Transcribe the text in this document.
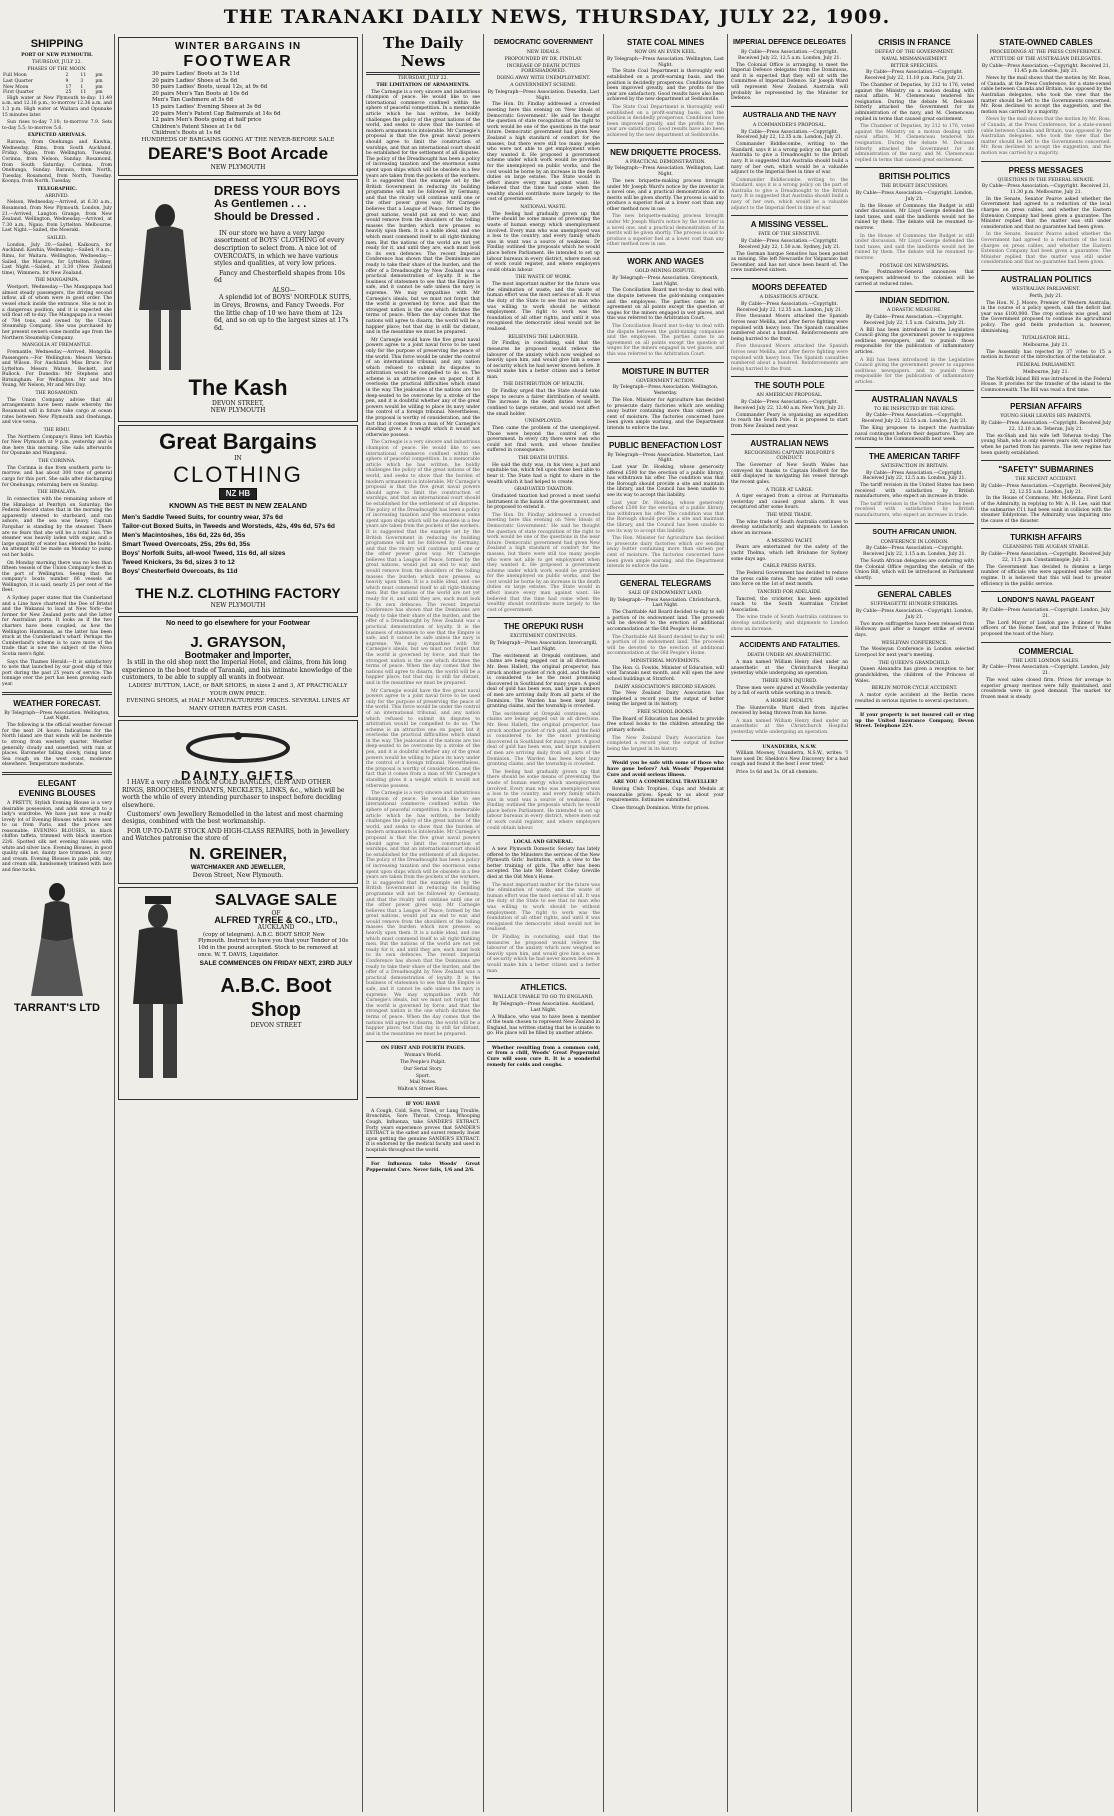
THE TARANAKI DAILY NEWS, THURSDAY, JULY 22, 1909.
SHIPPING
PORT OF NEW PLYMOUTH.
THURSDAY, JULY 22.
PHASES OF THE MOON.
Full Moon	2	11	pm
Last Quarter	9	3	pm
New Moon	17	1	pm
First Quarter	25	11	pm

High water at New Plymouth to-day: 11.49 a.m. and 12.16 p.m.; to-morrow 12.36 a.m. and 1.3 p.m. High water at Waitara and Opunake 15 minutes later.

Sun rises to-day 7.10; to-morrow 7.9. Sets to-day 5.5; to-morrow 5.6.

EXPECTED ARRIVALS.

Rarawa, from Onehunga and Kawhia, Wednesday. Rimu, from South Auckland, Friday. Ngaio, from Wellington, Tuesday. Corinna, from Nelson, Sunday. Rosamond, from South Saturday. Corinna, from Onehunga, Sunday. Rarawa, from North, Tuesday. Rosamond, from North, Tuesday. Koonya, from North, Tuesday.

TELEGRAPHIC.
ARRIVED.

Nelson, Wednesday.—Arrived, at 6.30 a.m., Rosamond, from New Plymouth. London, July 21.—Arrived, Langton Grange, from New Zealand. Wellington, Wednesday.—Arrived, at 7.30 a.m., Ngaio, from Lyttelton. Melbourne, Last Night.—Sailed, the Moeraki.

SAILED.

London, July 20.—Sailed, Kaikoura, for Auckland. Kawhia, Wednesday.—Sailed, 9 a.m., Rimu, for Waitara. Wellington, Wednesday.—Sailed, the Mararoa, for Lyttelton. Sydney, Last Night.—Sailed, at 3.30 (New Zealand time), Wimmera, for New Zealand.

THE MANGAPAPA.

Westport, Wednesday.—The Mangapapa had almost steady passengers, the driving second inflow, all of whom were in good order. The vessel stuck inside the entrance. She is not in a dangerous position, and it is expected she will float off to-day. The Mangapapa is a vessel of 784 tons, and owned by the Union Steamship Company. She was purchased by her present owners some months ago from the Northern Steamship Company.

MANGOLIA AT FREMANTLE.

Fremantle, Wednesday.—Arrived, Mongolia. Passengers.—For Wellington: Messrs Vernon and Wilson. For Auckland: Miss Bruce. For Lyttelton: Messrs Watson, Beckett, and Bullock. For Dunedin: Mr Stephens and Birmingham. For Wellington: Mr and Mrs Young, Mr Nelson, Mr and Mrs Day.

THE ROSAMOND.

The Union Company advise that all arrangements have been made whereby the Rosamond will in future take cargo at ocean rates between New Plymouth and Onehunga, and vice versa.

THE RIMU.

The Northern Company's Rimu left Kawhia for New Plymouth at 9 p.m. yesterday and is due here this morning. She sails afterwards for Opunake and Wanganui.

THE CORINNA.

The Corinna is due from southern ports to-morrow, and has about 300 tons of general cargo for this port. She sails after discharging for Onehunga, returning here on Sunday.

THE HIMALAYA.

In connection with the remaining ashore of the Himalaya at Penrhyn on Saturday, the Federal Record states that in the morning the apparently steered to starboard, and ran ashore, and the sea was heavy. Captain Farquhar is standing by the steamer. There are no fears that she will be a total loss. The steamer was heavily laden with sugar, and a large quantity of water has entered the holds. An attempt will be made on Monday to pump out her holds.

On Monday morning there was no less than fifteen vessels of the Union Company's fleet in the port of Wellington. Seeing that the company's boats number 66 vessels at Wellington, it is said, nearly 25 per cent of the fleet.

A Sydney paper states that the Cumberland and a Line have chartered the Dee of Bristol and the Wakanui to load at New York—the former for New Zealand ports and the latter for Australian ports. It looks as if the two charters have been coupled, as how the Wellington Huntsman, as the latter has been stuck at the Cumberland's wharf. Perhaps the Cumberland's scheme is to save more of the trade that is now the subject of the Nova Scotia men's fight.

Says the Thames Herald:—It is satisfactory to note that launched by our good ship of this port during the past 25 years of service. The tonnage over the port has been growing each year.

WEATHER FORECAST.
By Telegraph—Press Association. Wellington, Last Night.

The following is the official weather forecast for the next 24 hours: Indications for the North Island are that winds will be moderate to strong from westerly quarter. Weather generally cloudy and unsettled, with rain at places. Barometer falling slowly, rising later. Sea rough on the west coast, moderate elsewhere. Temperature moderate.

ELEGANT
EVENING BLOUSES

A PRETTY, Stylish Evening Blouse is a very desirable possession, and adds strength to a lady's wardrobe. We have just now a really lovely lot of Evening Blouses which were sent to us from Paris, and the prices are reasonable. EVENING BLOUSES, in black chiffon taffeta, trimmed with black insertion 22/6. Spotted silk net evening blouses with white and silver lace. Evening Blouses, in good quality silk net, dainty lace trimmed, in ivory and cream. Evening Blouses in pale pink, sky, and cream silk, handsomely trimmed with lace and fine tucks.

TARRANT'S LTD
WINTER BARGAINS IN
FOOTWEAR
30 pairs Ladies' Boots at 3s 11d
20 pairs Ladies' Shoes at 3s 6d
50 pairs Ladies' Boots, usual 12s, at 9s 6d
20 pairs Men's Tan Boots at 10s 6d
Men's Tan Cashmere at 3s 6d
15 pairs Ladies' Evening Shoes at 3s 6d
20 pairs Men's Patent Cap Balmorals at 14s 6d
12 pairs Men's Boots going at half price
Children's Patent Shoes at 1s 6d
Children's Boots at 1s 6d
HUNDREDS OF BARGAINS GOING AT THE NEVER-BEFORE SALE
DEARE'S Boot Arcade
NEW PLYMOUTH
DRESS YOUR BOYS
As Gentlemen . . .
Should be Dressed .

IN our store we have a very large assortment of BOYS' CLOTHING of every description to select from. A nice lot of OVERCOATS, in which we have various styles and qualities, at very low prices.

Fancy and Chesterfield shapes from 10s 6d

ALSO—

A splendid lot of BOYS' NORFOLK SUITS, in Greys, Browns, and Fancy Tweeds. For the little chap of 10 we have them at 12s 6d, and so on up to the largest sizes at 17s 6d.

The Kash
DEVON STREET,
NEW PLYMOUTH
Great Bargains
IN
CLOTHING
NZ HB
KNOWN AS THE BEST IN NEW ZEALAND
Men's Saddle Tweed Suits, for country wear, 37s 6d
Tailor-cut Boxed Suits, in Tweeds and Worsteds, 42s, 49s 6d, 57s 6d
Men's Macintoshes, 16s 6d, 22s 6d, 35s
Smart Tweed Overcoats, 25s, 29s 6d, 35s
Boys' Norfolk Suits, all-wool Tweed, 11s 6d, all sizes
Tweed Knickers, 3s 6d, sizes 3 to 12
Boys' Chesterfield Overcoats, 8s 11d
THE N.Z. CLOTHING FACTORY
NEW PLYMOUTH
No need to go elsewhere for your Footwear
J. GRAYSON,
Bootmaker and Importer,

Is still in the old shop next the Imperial Hotel, and claims, from his long experience in the boot trade of Taranaki, and his intimate knowledge of the customers, to be able to supply all wants in footwear.

LADIES' BUTTON, LACE, or BAR SHOES, in sizes 2 and 3, AT PRACTICALLY YOUR OWN PRICE.
EVENING SHOES, at HALF MANUFACTURERS' PRICES. SEVERAL LINES AT MANY OTHER RATES FOR CASH.
DAINTY GIFTS

I HAVE a very choice stock of GOLD BANGLES, GEM AND OTHER RINGS, BROOCHES, PENDANTS, NECKLETS, LINKS, &c., which will be worth the while of every intending purchaser to inspect before deciding elsewhere.

Customers' own Jewellery Remodelled in the latest and most charming designs, combined with the best workmanship.

FOR UP-TO-DATE STOCK AND HIGH-CLASS REPAIRS, both in Jewellery and Watches patronise the store of

N. GREINER,
WATCHMAKER AND JEWELLER,
Devon Street, New Plymouth.
SALVAGE SALE
OF
ALFRED TYREE & CO., LTD.,
AUCKLAND

(copy of telegram). A.B.C. BOOT SHOP, New Plymouth. Instruct to have you that your Tender of 10s 10d in the pound accepted. Stock to be removed at once. W. T. DAVIS, Liquidator.

SALE COMMENCES ON FRIDAY NEXT, 23RD JULY
A.B.C. Boot Shop
DEVON STREET
The Daily News
THURSDAY, JULY 22.
THE LIMITATION OF ARMAMENTS.

The Carnegie is a very sincere and industrious champion of peace. He would like to see international commerce confined within the sphere of peaceful competition. In a memorable article which he has written, he boldly challenges the policy of the great nations of the world, and seeks to show that the burden of modern armaments is intolerable. Mr Carnegie's proposal is that the five great naval powers should agree to limit the construction of warships, and that an international court should be established for the settlement of all disputes. The policy of the Dreadnought has been a policy of increasing taxation and the enormous sums spent upon ships which will be obsolete in a few years are taken from the pockets of the workers. It is suggested that the example set by the British Government in reducing its building programme will not be followed by Germany, and that the rivalry will continue until one or the other power gives way. Mr Carnegie believes that a League of Peace, formed by the great nations, would put an end to war, and would remove from the shoulders of the toiling masses the burden which now presses so heavily upon them. It is a noble ideal, and one which must commend itself to all right-thinking men. But the nations of the world are not yet ready for it, and until they are, each must look to its own defences. The recent Imperial Conference has shown that the Dominions are ready to take their share of the burden, and the offer of a Dreadnought by New Zealand was a practical demonstration of loyalty. It is the business of statesmen to see that the Empire is safe, and it cannot be safe unless the navy is supreme. We may sympathise with Mr Carnegie's ideals, but we must not forget that the world is governed by force, and that the strongest nation is the one which dictates the terms of peace. When the day comes that the nations will agree to disarm, the world will be a happier place; but that day is still far distant, and in the meantime we must be prepared.

Mr Carnegie would have the five great naval powers agree to a joint naval force to be used only for the purpose of preserving the peace of the world. This force would be under the control of an international tribunal, and any nation which refused to submit its disputes to arbitration would be compelled to do so. The scheme is an attractive one on paper, but it overlooks the practical difficulties which stand in the way. The jealousies of the nations are too deep-seated to be overcome by a stroke of the pen, and it is doubtful whether any of the great powers would be willing to place its navy under the control of a foreign tribunal. Nevertheless, the proposal is worthy of consideration, and the fact that it comes from a man of Mr Carnegie's standing gives it a weight which it would not otherwise possess.

The Carnegie is a very sincere and industrious champion of peace. He would like to see international commerce confined within the sphere of peaceful competition. In a memorable article which he has written, he boldly challenges the policy of the great nations of the world, and seeks to show that the burden of modern armaments is intolerable. Mr Carnegie's proposal is that the five great naval powers should agree to limit the construction of warships, and that an international court should be established for the settlement of all disputes. The policy of the Dreadnought has been a policy of increasing taxation and the enormous sums spent upon ships which will be obsolete in a few years are taken from the pockets of the workers. It is suggested that the example set by the British Government in reducing its building programme will not be followed by Germany, and that the rivalry will continue until one or the other power gives way. Mr Carnegie believes that a League of Peace, formed by the great nations, would put an end to war, and would remove from the shoulders of the toiling masses the burden which now presses so heavily upon them. It is a noble ideal, and one which must commend itself to all right-thinking men. But the nations of the world are not yet ready for it, and until they are, each must look to its own defences. The recent Imperial Conference has shown that the Dominions are ready to take their share of the burden, and the offer of a Dreadnought by New Zealand was a practical demonstration of loyalty. It is the business of statesmen to see that the Empire is safe, and it cannot be safe unless the navy is supreme. We may sympathise with Mr Carnegie's ideals, but we must not forget that the world is governed by force, and that the strongest nation is the one which dictates the terms of peace. When the day comes that the nations will agree to disarm, the world will be a happier place; but that day is still far distant, and in the meantime we must be prepared.

Mr Carnegie would have the five great naval powers agree to a joint naval force to be used only for the purpose of preserving the peace of the world. This force would be under the control of an international tribunal, and any nation which refused to submit its disputes to arbitration would be compelled to do so. The scheme is an attractive one on paper, but it overlooks the practical difficulties which stand in the way. The jealousies of the nations are too deep-seated to be overcome by a stroke of the pen, and it is doubtful whether any of the great powers would be willing to place its navy under the control of a foreign tribunal. Nevertheless, the proposal is worthy of consideration, and the fact that it comes from a man of Mr Carnegie's standing gives it a weight which it would not otherwise possess.

The Carnegie is a very sincere and industrious champion of peace. He would like to see international commerce confined within the sphere of peaceful competition. In a memorable article which he has written, he boldly challenges the policy of the great nations of the world, and seeks to show that the burden of modern armaments is intolerable. Mr Carnegie's proposal is that the five great naval powers should agree to limit the construction of warships, and that an international court should be established for the settlement of all disputes. The policy of the Dreadnought has been a policy of increasing taxation and the enormous sums spent upon ships which will be obsolete in a few years are taken from the pockets of the workers. It is suggested that the example set by the British Government in reducing its building programme will not be followed by Germany, and that the rivalry will continue until one or the other power gives way. Mr Carnegie believes that a League of Peace, formed by the great nations, would put an end to war, and would remove from the shoulders of the toiling masses the burden which now presses so heavily upon them. It is a noble ideal, and one which must commend itself to all right-thinking men. But the nations of the world are not yet ready for it, and until they are, each must look to its own defences. The recent Imperial Conference has shown that the Dominions are ready to take their share of the burden, and the offer of a Dreadnought by New Zealand was a practical demonstration of loyalty. It is the business of statesmen to see that the Empire is safe, and it cannot be safe unless the navy is supreme. We may sympathise with Mr Carnegie's ideals, but we must not forget that the world is governed by force, and that the strongest nation is the one which dictates the terms of peace. When the day comes that the nations will agree to disarm, the world will be a happier place; but that day is still far distant, and in the meantime we must be prepared.

ON FIRST AND FOURTH PAGES.
Woman's World.
The People's Pulpit.
Our Serial Story.
Sport.
Mail Notes.
Walton's Street Rises.
IF YOU HAVE

A Cough, Cold, Sore, Tired, or Lung Trouble, Bronchitis, Sore Throat, Croup, Whooping Cough, Influenza, take SANDER'S EXTRACT. Forty years experience proves that SANDER'S EXTRACT is the safest and surest remedy. Insist upon getting the genuine SANDER'S EXTRACT. It is endorsed by the medical faculty and used in hospitals throughout the world.

For Influenza take Woods' Great Peppermint Cure. Never fails, 1/6 and 2/6.

DEMOCRATIC GOVERNMENT
NEW IDEALS.
PROPOUNDED BY DR. FINDLAY.
INCREASE OF DEATH DUTIES FORESHADOWED.
DOING AWAY WITH UNEMPLOYMENT.
A GOVERNMENT SCHEME.
By Telegraph—Press Association. Dunedin, Last Night.

The Hon. Dr. Findlay addressed a crowded meeting here this evening on 'New Ideals of Democratic Government.' He said he thought the question of state recognition of the right to work would be one of the questions in the near future. Democratic government had given New Zealand a high standard of comfort for the masses, but there were still too many people who were not able to get employment when they wanted it. He proposed a government scheme under which work would be provided for the unemployed on public works, and the cost would be borne by an increase in the death duties on large estates. The State would in effect insure every man against want. He believed that the time had come when the wealthy should contribute more largely to the cost of government.

NATIONAL WASTE.

The feeling had gradually grown up that there should be some means of preventing the waste of human energy which unemployment involved. Every man who was unemployed was a loss to the country, and every family which was in want was a source of weakness. Dr Findlay outlined the proposals which he would place before Parliament. He intended to set up labour bureaux in every district, where men out of work could register, and where employers could obtain labour.

THE WASTE OF WORK.

The most important matter for the future was the elimination of waste, and the waste of human effort was the most serious of all. It was the duty of the State to see that no man who was willing to work should be without employment. The right to work was the foundation of all other rights, and until it was recognised the democratic ideal would not be realised.

RELIEVING THE LABOURER.

Dr Findlay, in concluding, said that the measures he proposed would relieve the labourer of the anxiety which now weighed so heavily upon him, and would give him a sense of security which he had never known before. It would make him a better citizen and a better man.

THE DISTRIBUTION OF WEALTH.

Dr Findlay urged that the State should take steps to secure a fairer distribution of wealth. The increase in the death duties would be confined to large estates, and would not affect the small holder.

UNEMPLOYED.

Then came the problem of the unemployed. Those were beyond the control of the government. In every city there were men who could not find work, and whose families suffered in consequence.

THE DEATH DUTIES.

He said the duty was, in his view, a just and equitable tax, which fell upon those best able to bear it. The State had a right to share in the wealth which it had helped to create.

GRADUATED TAXATION.

Graduated taxation had proved a most useful instrument in the hands of the government, and he proposed to extend it.

The Hon. Dr. Findlay addressed a crowded meeting here this evening on 'New Ideals of Democratic Government.' He said he thought the question of state recognition of the right to work would be one of the questions in the near future. Democratic government had given New Zealand a high standard of comfort for the masses, but there were still too many people who were not able to get employment when they wanted it. He proposed a government scheme under which work would be provided for the unemployed on public works, and the cost would be borne by an increase in the death duties on large estates. The State would in effect insure every man against want. He believed that the time had come when the wealthy should contribute more largely to the cost of government.

THE OREPUKI RUSH
EXCITEMENT CONTINUES.
By Telegraph—Press Association. Invercargill, Last Night.

The excitement at Orepuki continues, and claims are being pegged out in all directions. Mr. Bess Hallett, the original prospector, has struck another pocket of rich gold, and the field is considered to be the most promising discovered in Southland for many years. A good deal of gold has been won, and large numbers of men are arriving daily from all parts of the Dominion. The Warden has been kept busy granting claims, and the township is crowded.

The excitement at Orepuki continues, and claims are being pegged out in all directions. Mr. Bess Hallett, the original prospector, has struck another pocket of rich gold, and the field is considered to be the most promising discovered in Southland for many years. A good deal of gold has been won, and large numbers of men are arriving daily from all parts of the Dominion. The Warden has been kept busy granting claims, and the township is crowded.

The feeling had gradually grown up that there should be some means of preventing the waste of human energy which unemployment involved. Every man who was unemployed was a loss to the country, and every family which was in want was a source of weakness. Dr Findlay outlined the proposals which he would place before Parliament. He intended to set up labour bureaux in every district, where men out of work could register, and where employers could obtain labour.

LOCAL AND GENERAL.

A new Plymouth Domestic Society has lately offered to the Ministers the services of the New Plymouth Girls' Institution, with a view to the better training of girls. The offer has been accepted. The late Mr. Robert Colley Greville died at the Old Men's Home.

The most important matter for the future was the elimination of waste, and the waste of human effort was the most serious of all. It was the duty of the State to see that no man who was willing to work should be without employment. The right to work was the foundation of all other rights, and until it was recognised the democratic ideal would not be realised.

Dr Findlay, in concluding, said that the measures he proposed would relieve the labourer of the anxiety which now weighed so heavily upon him, and would give him a sense of security which he had never known before. It would make him a better citizen and a better man.

ATHLETICS.
WALLACE UNABLE TO GO TO ENGLAND.
By Telegraph—Press Association. Auckland, Last Night.

A Wallace, who was to have been a member of the team chosen to represent New Zealand in England, has written stating that he is unable to go. His place will be filled by another athlete.

Whether resulting from a common cold, or from a chill, Woods' Great Peppermint Cure will soon cure it. It is a wonderful remedy for colds and coughs.

STATE COAL MINES
NOW ON AN EVEN KEEL.
By Telegraph—Press Association. Wellington, Last Night.

The State Coal Department is thoroughly well established on a profit-earning basis, and the position is decidedly prosperous. Conditions have been improved greatly, and the profits for the year are satisfactory. Good results have also been achieved by the new department at Seddonville.

The State Coal Department is thoroughly well established on a profit-earning basis, and the position is decidedly prosperous. Conditions have been improved greatly, and the profits for the year are satisfactory. Good results have also been achieved by the new department at Seddonville.

NEW DRIQUETTE PROCESS.
A PRACTICAL DEMONSTRATION.
By Telegraph—Press Association. Wellington, Last Night.

The new briquette-making process brought under Mr Joseph Ward's notice by the inventor is a novel one, and a practical demonstration of its merits will be given shortly. The process is said to produce a superior fuel at a lower cost than any other method now in use.

The new briquette-making process brought under Mr Joseph Ward's notice by the inventor is a novel one, and a practical demonstration of its merits will be given shortly. The process is said to produce a superior fuel at a lower cost than any other method now in use.

WORK AND WAGES
GOLD-MINING DISPUTE.
By Telegraph—Press Association. Greymouth, Last Night.

The Conciliation Board met to-day to deal with the dispute between the gold-mining companies and the employees. The parties came to an agreement on all points except the question of wages for the miners engaged in wet places, and this was referred to the Arbitration Court.

The Conciliation Board met to-day to deal with the dispute between the gold-mining companies and the employees. The parties came to an agreement on all points except the question of wages for the miners engaged in wet places, and this was referred to the Arbitration Court.

MOISTURE IN BUTTER
GOVERNMENT ACTION.
By Telegraph—Press Association. Wellington, Yesterday.

The Hon. Minister for Agriculture has decided to prosecute dairy factories which are sending away butter containing more than sixteen per cent of moisture. The factories concerned have been given ample warning, and the Department intends to enforce the law.

PUBLIC BENEFACTION LOST
By Telegraph—Press Association. Masterton, Last Night.

Last year Dr. Hosking, whose generosity offered £500 for the erection of a public library, has withdrawn his offer. The condition was that the Borough should provide a site and maintain the library, and the Council has been unable to see its way to accept this liability.

Last year Dr. Hosking, whose generosity offered £500 for the erection of a public library, has withdrawn his offer. The condition was that the Borough should provide a site and maintain the library, and the Council has been unable to see its way to accept this liability.

The Hon. Minister for Agriculture has decided to prosecute dairy factories which are sending away butter containing more than sixteen per cent of moisture. The factories concerned have been given ample warning, and the Department intends to enforce the law.

GENERAL TELEGRAMS
SALE OF ENDOWMENT LAND.
By Telegraph—Press Association. Christchurch, Last Night.

The Charitable Aid Board decided to-day to sell a portion of its endowment land. The proceeds will be devoted to the erection of additional accommodation at the Old People's Home.

The Charitable Aid Board decided to-day to sell a portion of its endowment land. The proceeds will be devoted to the erection of additional accommodation at the Old People's Home.

MINISTERIAL MOVEMENTS.

The Hon. G. Fowlds, Minister of Education, will visit Taranaki next month, and will open the new school buildings at Stratford.

DAIRY ASSOCIATION'S RECORD SEASON.

The New Zealand Dairy Association has completed a record year, the output of butter being the largest in its history.

FREE SCHOOL BOOKS.

The Board of Education has decided to provide free school books to the children attending the primary schools.

The New Zealand Dairy Association has completed a record year, the output of butter being the largest in its history.

Would you be safe with some of those who have gone before? Ask Woods' Peppermint Cure and avoid serious illness.

ARE YOU A COMMERCIAL TRAVELLER?

Rowing Club Trophies, Cups and Medals at reasonable prices. Speak to us about your requirements. Estimates submitted.

Close through Dominion. Write for prices.

IMPERIAL DEFENCE DELEGATES
By Cable—Press Association.—Copyright. Received July 22, 12.5 a.m. London, July 21.

The Colonial Office is arranging to meet the Imperial Defence delegates from the Dominions, and it is expected that they will sit with the Committee of Imperial Defence. Sir Joseph Ward will represent New Zealand. Australia will probably be represented by the Minister for Defence.

AUSTRALIA AND THE NAVY
A COMMANDER'S PROPOSAL.
By Cable—Press Association.—Copyright. Received July 22, 12.35 a.m. London, July 21.

Commander Biddlecombe, writing to the Standard, says it is a wrong policy on the part of Australia to give a Dreadnought to the British navy. It is suggested that Australia should build a navy of her own, which would be a valuable adjunct to the Imperial fleet in time of war.

Commander Biddlecombe, writing to the Standard, says it is a wrong policy on the part of Australia to give a Dreadnought to the British navy. It is suggested that Australia should build a navy of her own, which would be a valuable adjunct to the Imperial fleet in time of war.

A MISSING VESSEL.
FATE OF THE SENSITIVE.
By Cable—Press Association.—Copyright. Received July 22, 1.50 a.m. Sydney, July 21.

The German barque Sensitive has been posted as missing. She left Newcastle for Valparaiso last December, and has not since been heard of. The crew numbered sixteen.

MOORS DEFEATED
A DISASTROUS ATTACK.
By Cable—Press Association.—Copyright. Received July 22, 12.35 a.m. London, July 21.

Five thousand Moors attacked the Spanish forces near Melilla, and after fierce fighting were repulsed with heavy loss. The Spanish casualties numbered about a hundred. Reinforcements are being hurried to the front.

Five thousand Moors attacked the Spanish forces near Melilla, and after fierce fighting were repulsed with heavy loss. The Spanish casualties numbered about a hundred. Reinforcements are being hurried to the front.

THE SOUTH POLE
AN AMERICAN PROPOSAL.
By Cable—Press Association.—Copyright. Received July 22, 12.40 a.m. New York, July 21.

Commander Peary is organising an expedition to reach the South Pole. It is proposed to start from New Zealand next year.

AUSTRALIAN NEWS
RECOGNISING CAPTAIN HOLFORD'S CONDUCT.

The Governor of New South Wales has conveyed his thanks to Captain Holford for the skill displayed in navigating his vessel through the recent gales.

A TIGER AT LARGE.

A tiger escaped from a circus at Parramatta yesterday and caused great alarm. It was recaptured after some hours.

THE WINE TRADE.

The wine trade of South Australia continues to develop satisfactorily, and shipments to London show an increase.

A MISSING YACHT.

Fears are entertained for the safety of the yacht Thelma, which left Brisbane for Sydney some days ago.

CABLE PRESS RATES.

The Federal Government has decided to reduce the press cable rates. The new rates will come into force on the 1st of next month.

TANCRED FOR ADELAIDE.

Tancred, the cricketer, has been appointed coach to the South Australian Cricket Association.

The wine trade of South Australia continues to develop satisfactorily, and shipments to London show an increase.

ACCIDENTS AND FATALITIES.
DEATH UNDER AN ANAESTHETIC.

A man named William Henry died under an anaesthetic at the Christchurch Hospital yesterday while undergoing an operation.

THREE MEN INJURED.

Three men were injured at Woodville yesterday by a fall of earth while working in a trench.

A HORSE FATALITY.

The Hunterville Ward died from injuries received by being thrown from his horse.

A man named William Henry died under an anaesthetic at the Christchurch Hospital yesterday while undergoing an operation.

UNANDERRA, N.S.W.

William Mooney, Unanderra, N.S.W., writes: 'I have used Dr. Sheldon's New Discovery for a bad cough and found it the best I ever tried.'

Price 1s 6d and 3s. Of all chemists.

CRISIS IN FRANCE
DEFEAT OF THE GOVERNMENT.
NAVAL MISMANAGEMENT.
BITTER SPEECHES.
By Cable—Press Association.—Copyright. Received July 22, 11.10 p.m. Paris, July 21.

The Chamber of Deputies, by 212 to 176, voted against the Ministry on a motion dealing with naval affairs. M. Clemenceau tendered his resignation. During the debate M. Delcassé bitterly attacked the Government for its administration of the navy, and M. Clemenceau replied in terms that caused great excitement.

The Chamber of Deputies, by 212 to 176, voted against the Ministry on a motion dealing with naval affairs. M. Clemenceau tendered his resignation. During the debate M. Delcassé bitterly attacked the Government for its administration of the navy, and M. Clemenceau replied in terms that caused great excitement.

BRITISH POLITICS
THE BUDGET DISCUSSION.
By Cable—Press Association.—Copyright. London, July 21.

In the House of Commons the Budget is still under discussion. Mr Lloyd George defended the land taxes, and said the landlords would not be ruined by them. The debate will be resumed to-morrow.

In the House of Commons the Budget is still under discussion. Mr Lloyd George defended the land taxes, and said the landlords would not be ruined by them. The debate will be resumed to-morrow.

POSTAGE ON NEWSPAPERS.

The Postmaster-General announces that newspapers addressed to the colonies will be carried at reduced rates.

INDIAN SEDITION.
A DRASTIC MEASURE.
By Cable—Press Association.—Copyright. Received July 22, 1.5 a.m. Calcutta, July 21.

A Bill has been introduced in the Legislative Council giving the government power to suppress seditious newspapers, and to punish those responsible for the publication of inflammatory articles.

A Bill has been introduced in the Legislative Council giving the government power to suppress seditious newspapers, and to punish those responsible for the publication of inflammatory articles.

AUSTRALIAN NAVALS
TO BE INSPECTED BY THE KING.
By Cable—Press Association.—Copyright. Received July 22, 12.55 a.m. London, July 21.

The King proposes to inspect the Australian naval contingent before their departure. They are returning to the Commonwealth next week.

THE AMERICAN TARIFF
SATISFACTION IN BRITAIN.
By Cable—Press Association.—Copyright. Received July 22, 12.5 a.m. London, July 21.

The tariff revision in the United States has been received with satisfaction by British manufacturers, who expect an increase in trade.

The tariff revision in the United States has been received with satisfaction by British manufacturers, who expect an increase in trade.

SOUTH AFRICAN UNION.
CONFERENCE IN LONDON.
By Cable—Press Association.—Copyright. Received July 22, 1.15 a.m. London, July 21.

The South African delegates are conferring with the Colonial Office regarding the details of the Union Bill, which will be introduced in Parliament shortly.

GENERAL CABLES
SUFFRAGETTE HUNGER STRIKERS.
By Cable—Press Association.—Copyright. London, July 21.

Two more suffragettes have been released from Holloway gaol after a hunger strike of several days.

WESLEYAN CONFERENCE.

The Wesleyan Conference in London selected Liverpool for next year's meeting.

THE QUEEN'S GRANDCHILD.

Queen Alexandra has given a reception to her grandchildren, the children of the Princess of Wales.

BERLIN MOTOR CYCLE ACCIDENT.

A motor cycle accident at the Berlin races resulted in serious injuries to several spectators.

If your property is not insured call or ring up the United Insurance Company, Devon Street. Telephone 224.

STATE-OWNED CABLES
PROCEEDINGS AT THE PRESS CONFERENCE.
ATTITUDE OF THE AUSTRALIAN DELEGATES.
By Cable—Press Association.—Copyright. Received 21, 11.45 p.m. London, July 21.

News by the mail shows that the motion by Mr. Ross, of Canada, at the Press Conference, for a state-owned cable between Canada and Britain, was opposed by the Australian delegates, who took the view that the matter should be left to the Governments concerned. Mr. Ross declined to accept the suggestion, and the motion was carried by a majority.

News by the mail shows that the motion by Mr. Ross, of Canada, at the Press Conference, for a state-owned cable between Canada and Britain, was opposed by the Australian delegates, who took the view that the matter should be left to the Governments concerned. Mr. Ross declined to accept the suggestion, and the motion was carried by a majority.

PRESS MESSAGES
QUESTIONS IN THE FEDERAL SENATE.
By Cable—Press Association.—Copyright. Received 21, 11.30 p.m. Melbourne, July 21.

In the Senate, Senator Pearce asked whether the Government had agreed to a reduction of the local charges on press cables, and whether the Eastern Extension Company had been given a guarantee. The Minister replied that the matter was still under consideration and that no guarantee had been given.

In the Senate, Senator Pearce asked whether the Government had agreed to a reduction of the local charges on press cables, and whether the Eastern Extension Company had been given a guarantee. The Minister replied that the matter was still under consideration and that no guarantee had been given.

AUSTRALIAN POLITICS
WESTRALIAN PARLIAMENT.
Perth, July 21.

The Hon. N. J. Moore, Premier of Western Australia, in the course of a policy speech, said the deficit last year was £100,000. The crop outlook was good, and the Government proposed to continue its agricultural policy. The gold fields production is, however, diminishing.

TOTALISATOR BILL.
Melbourne, July 21.

The Assembly has rejected by 37 votes to 15 a motion in favour of the introduction of the totalisator.

FEDERAL PARLIAMENT.
Melbourne, July 21.

The Norfolk Island Bill was introduced in the Federal House. It provides for the transfer of the island to the Commonwealth. The Bill was read a first time.

PERSIAN AFFAIRS
YOUNG SHAH LEAVES HIS PARENTS.
By Cable—Press Association.—Copyright. Received July 22, 12.10 a.m. Teheran, July 21.

The ex-Shah and his wife left Teheran to-day. The young Shah, who is only eleven years old, wept bitterly when he parted from his parents. The new regime has been quietly established.

"SAFETY" SUBMARINES
THE RECENT ACCIDENT.
By Cable—Press Association.—Copyright. Received July 22, 12.55 a.m. London, July 21.

In the House of Commons, Mr. McKenna, First Lord of the Admiralty, in replying to Mr. A. H. Lee, said that the submarine C11 had been sunk in collision with the steamer Eddystone. The Admiralty was inquiring into the cause of the disaster.

TURKISH AFFAIRS
CLEANSING THE AUGEAN STABLE.
By Cable—Press Association.—Copyright. Received July 22, 11.5 p.m. Constantinople, July 21.

The Government has decided to dismiss a large number of officials who were appointed under the old regime. It is believed that this will lead to greater efficiency in the public service.

LONDON'S NAVAL PAGEANT
By Cable—Press Association.—Copyright. London, July 21.

The Lord Mayor of London gave a dinner to the officers of the Home fleet, and the Prince of Wales proposed the toast of the Navy.

COMMERCIAL
THE LATE LONDON SALES.
By Cable—Press Association.—Copyright. London, July 21.

The wool sales closed firm. Prices for average to superior greasy merinos were fully maintained, and crossbreds were in good demand. The market for frozen meat is steady.
